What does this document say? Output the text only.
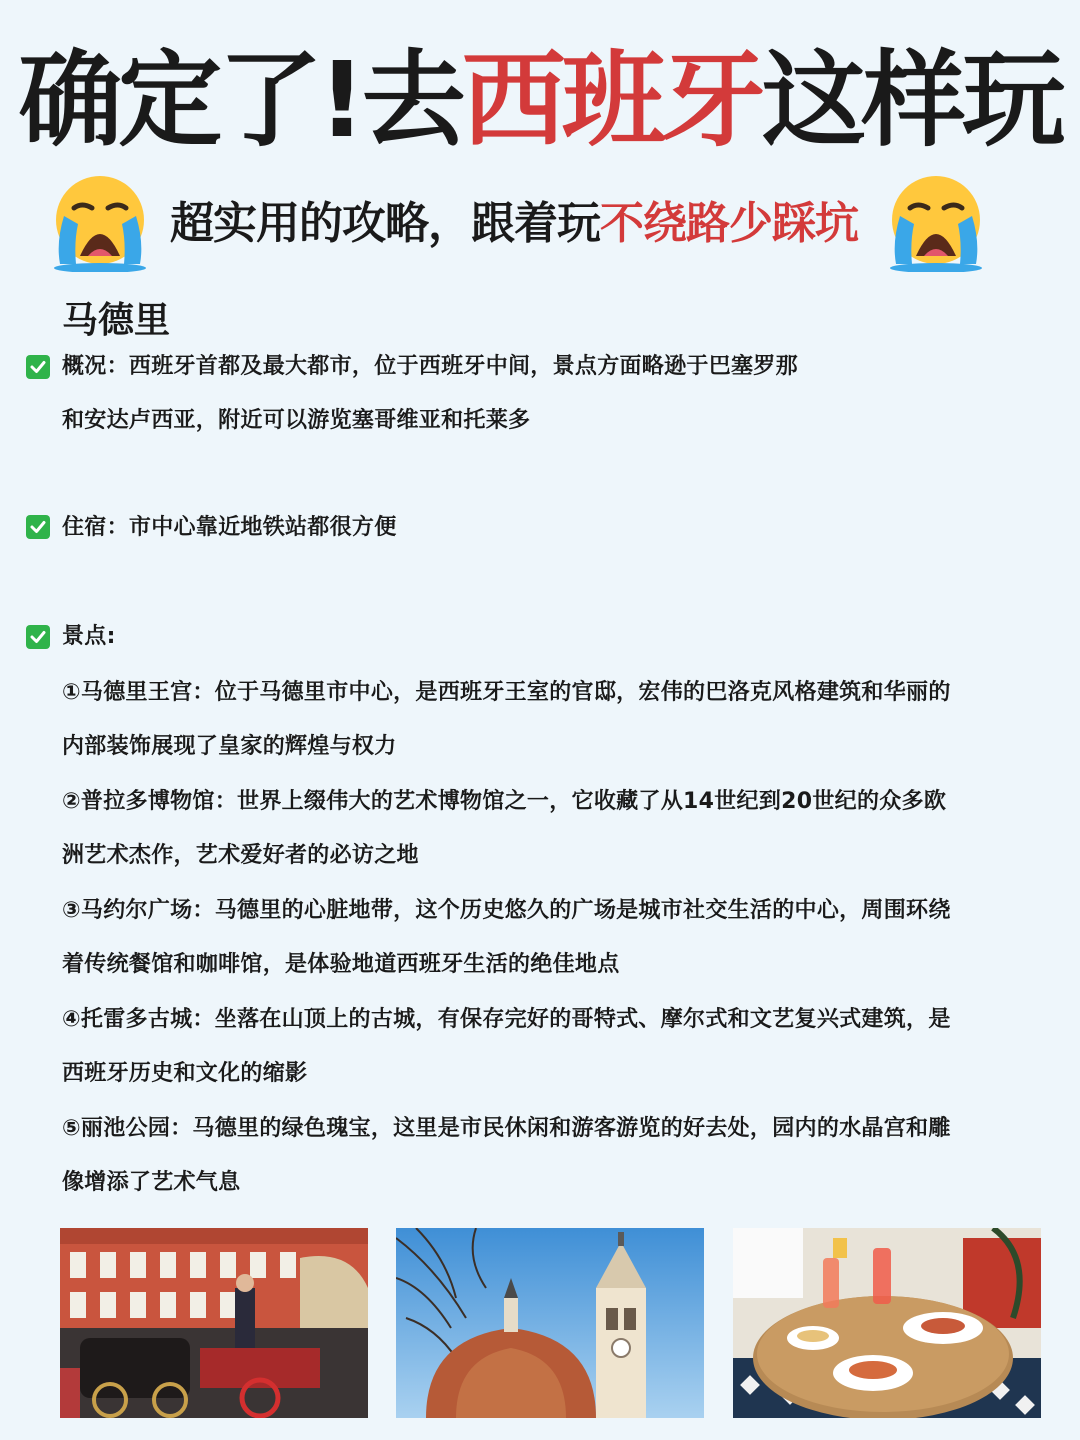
确定了!去西班牙这样玩
超实用的攻略，跟着玩不绕路少踩坑
马德里
概况：西班牙首都及最大都市，位于西班牙中间，景点方面略逊于巴塞罗那
和安达卢西亚，附近可以游览塞哥维亚和托莱多
住宿：市中心靠近地铁站都很方便
景点:
①马德里王宫：位于马德里市中心，是西班牙王室的官邸，宏伟的巴洛克风格建筑和华丽的
内部装饰展现了皇家的辉煌与权力
②普拉多博物馆：世界上缀伟大的艺术博物馆之一，它收藏了从14世纪到20世纪的众多欧
洲艺术杰作，艺术爱好者的必访之地
③马约尔广场：马德里的心脏地带，这个历史悠久的广场是城市社交生活的中心，周围环绕
着传统餐馆和咖啡馆，是体验地道西班牙生活的绝佳地点
④托雷多古城：坐落在山顶上的古城，有保存完好的哥特式、摩尔式和文艺复兴式建筑，是
西班牙历史和文化的缩影
⑤丽池公园：马德里的绿色瑰宝，这里是市民休闲和游客游览的好去处，园内的水晶宫和雕
像增添了艺术气息
